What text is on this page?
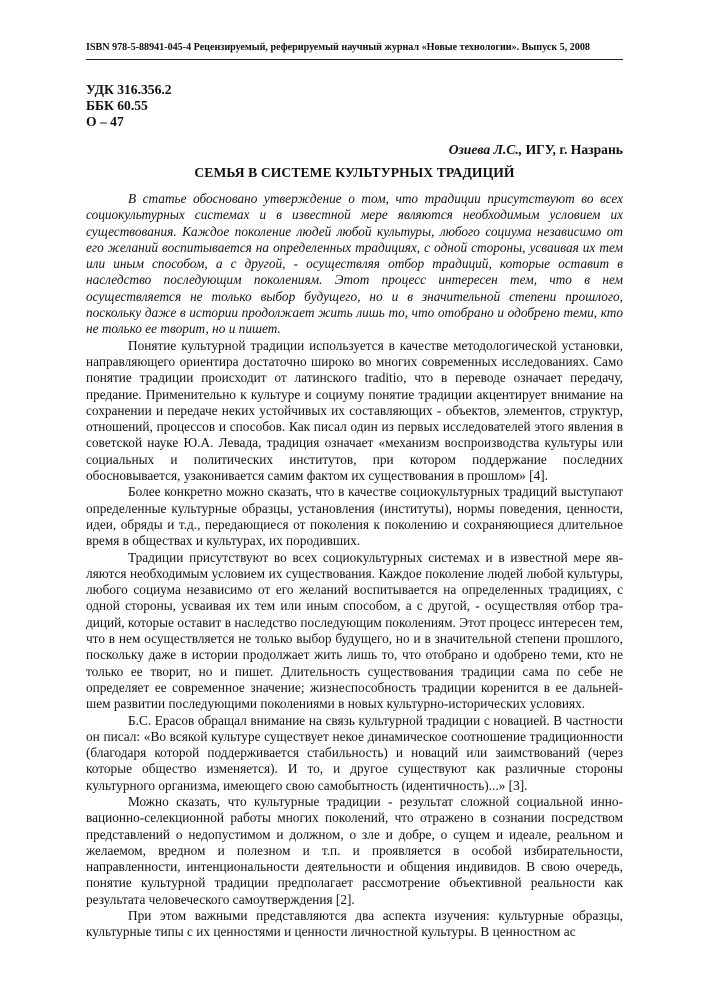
ISBN 978-5-88941-045-4 Рецензируемый, реферируемый научный журнал «Новые технологии». Выпуск 5, 2008
УДК 316.356.2
ББК 60.55
О – 47
Озиева Л.С., ИГУ, г. Назрань
СЕМЬЯ В СИСТЕМЕ КУЛЬТУРНЫХ ТРАДИЦИЙ

В статье обосновано утверждение о том, что традиции присутствуют во всех социокультурных системах и в известной мере являются необходимым условием их существования. Каждое поколение людей любой культуры, любого социума независимо от его желаний воспитывается на определенных традициях, с одной стороны, усваивая их тем или иным способом, а с другой, - осуществляя отбор традиций, которые оставит в наследство последующим поколениям. Этот процесс интересен тем, что в нем осуществляется не только выбор будущего, но и в значительной степени прошлого, поскольку даже в истории продолжает жить лишь то, что отобрано и одобрено теми, кто не только ее творит, но и пишет.

Понятие культурной традиции используется в качестве методологической установки, направляющего ориентира достаточно широко во многих современных исследованиях. Само понятие традиции происходит от латинского traditio, что в переводе означает передачу, предание. Применительно к культуре и социуму понятие традиции акцентирует внимание на сохранении и передаче неких устойчивых их составляющих - объектов, элементов, структур, отношений, процессов и способов. Как писал один из первых исследователей этого явления в советской науке Ю.А. Левада, традиция означает «механизм воспроизводства культуры или социальных и политических институтов, при котором поддержание последних обосновывается, узаконивается самим фактом их существования в прошлом» [4].

Более конкретно можно сказать, что в качестве социокультурных традиций выступают определенные культурные образцы, установления (институты), нормы поведения, ценности, идеи, обряды и т.д., передающиеся от поколения к поколению и сохраняющиеся длительное время в обществах и культурах, их породивших.

Традиции присутствуют во всех социокультурных системах и в известной мере являются необходимым условием их существования. Каждое поколение людей любой культуры, любого социума независимо от его желаний воспитывается на определенных традициях, с одной стороны, усваивая их тем или иным способом, а с другой, - осуществляя отбор традиций, которые оставит в наследство последующим поколениям. Этот процесс интересен тем, что в нем осуществляется не только выбор будущего, но и в значительной степени прошлого, поскольку даже в истории продолжает жить лишь то, что отобрано и одобрено теми, кто не только ее творит, но и пишет. Длительность существования традиции сама по себе не определяет ее современное значение; жизнеспособность традиции коренится в ее дальнейшем развитии последующими поколениями в новых культурно-исторических условиях.

Б.С. Ерасов обращал внимание на связь культурной традиции с новацией. В частности он писал: «Во всякой культуре существует некое динамическое соотношение традиционности (благодаря которой поддерживается стабильность) и новаций или заимствований (через которые общество изменяется). И то, и другое существуют как различные стороны культурного организма, имеющего свою самобытность (идентичность)...» [3].

Можно сказать, что культурные традиции - результат сложной социальной инновационно-селекционной работы многих поколений, что отражено в сознании посредством представлений о недопустимом и должном, о зле и добре, о сущем и идеале, реальном и желаемом, вредном и полезном и т.п. и проявляется в особой избирательности, направленности, интенциональности деятельности и общения индивидов. В свою очередь, понятие культурной традиции предполагает рассмотрение объективной реальности как результата человеческого самоутверждения [2].

При этом важными представляются два аспекта изучения: культурные образцы, культурные типы с их ценностями и ценности личностной культуры. В ценностном ас
